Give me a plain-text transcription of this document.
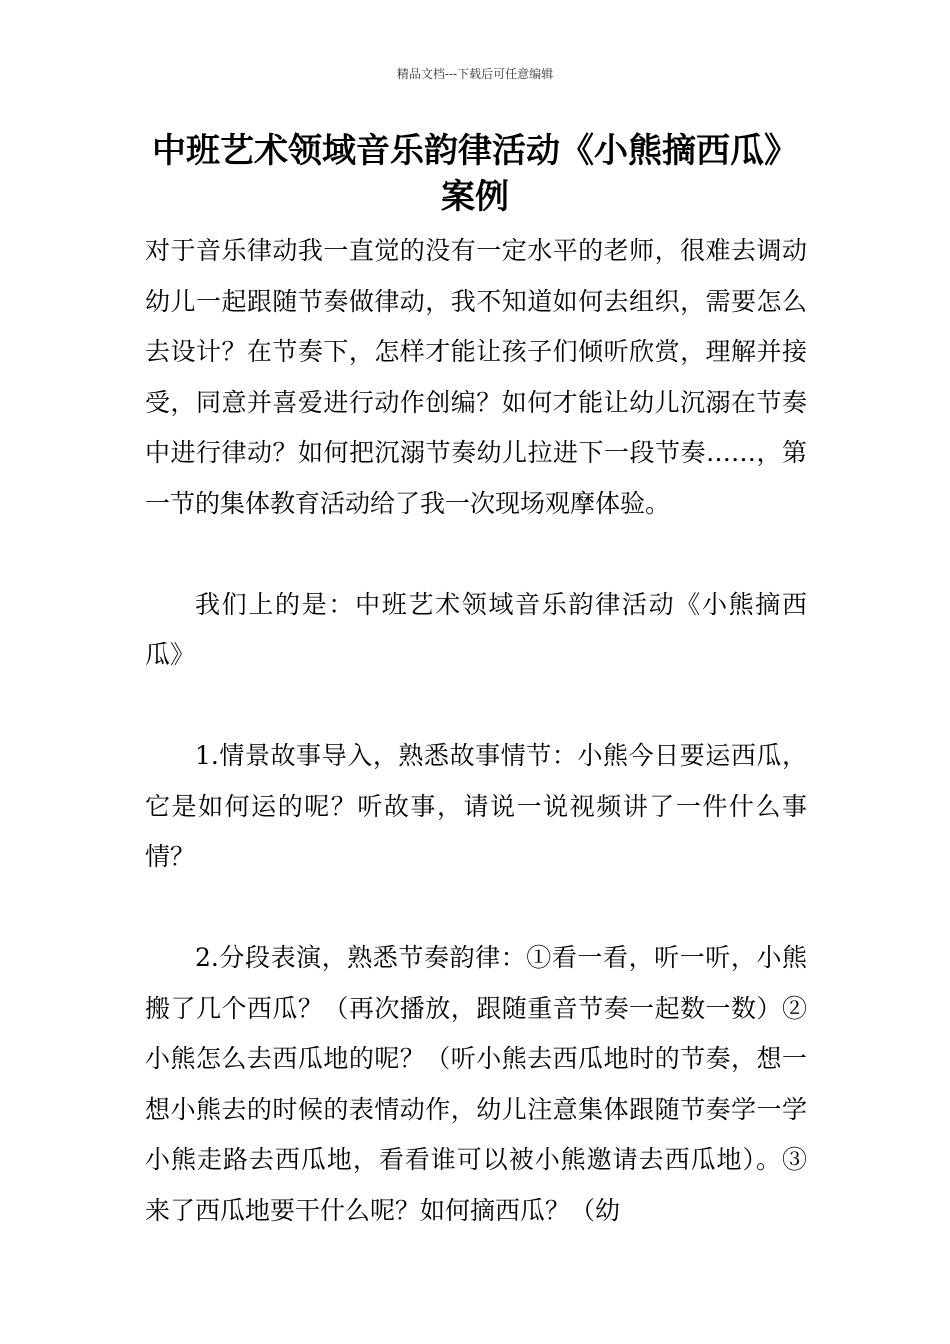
精品文档---下载后可任意编辑
中班艺术领域音乐韵律活动《小熊摘西瓜》案例

对于音乐律动我一直觉的没有一定水平的老师，很难去调动幼儿一起跟随节奏做律动，我不知道如何去组织，需要怎么去设计？在节奏下，怎样才能让孩子们倾听欣赏，理解并接受，同意并喜爱进行动作创编？如何才能让幼儿沉溺在节奏中进行律动？如何把沉溺节奏幼儿拉进下一段节奏……，第一节的集体教育活动给了我一次现场观摩体验。

我们上的是：中班艺术领域音乐韵律活动《小熊摘西瓜》

1.情景故事导入，熟悉故事情节：小熊今日要运西瓜，它是如何运的呢？听故事，请说一说视频讲了一件什么事情？

2.分段表演，熟悉节奏韵律：①看一看，听一听，小熊搬了几个西瓜？（再次播放，跟随重音节奏一起数一数）②小熊怎么去西瓜地的呢？（听小熊去西瓜地时的节奏，想一想小熊去的时候的表情动作，幼儿注意集体跟随节奏学一学小熊走路去西瓜地，看看谁可以被小熊邀请去西瓜地）。③来了西瓜地要干什么呢？如何摘西瓜？（幼
